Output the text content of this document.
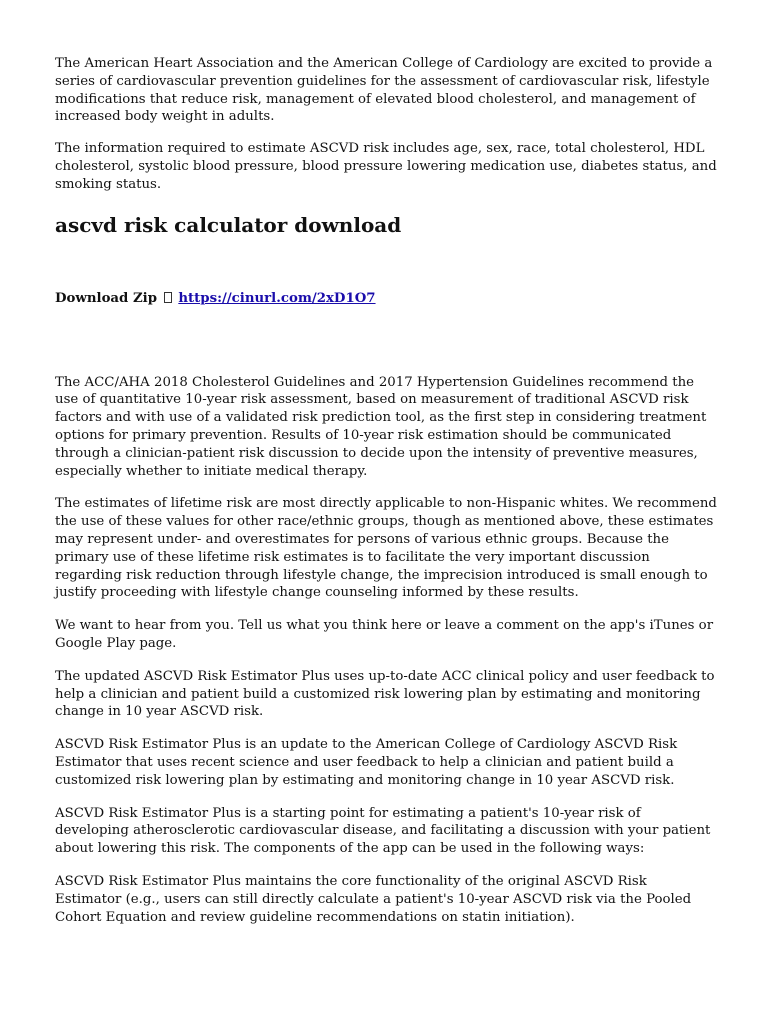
The American Heart Association and the American College of Cardiology are excited to provide a series of cardiovascular prevention guidelines for the assessment of cardiovascular risk, lifestyle modifications that reduce risk, management of elevated blood cholesterol, and management of increased body weight in adults.

The information required to estimate ASCVD risk includes age, sex, race, total cholesterol, HDL cholesterol, systolic blood pressure, blood pressure lowering medication use, diabetes status, and smoking status.

ascvd risk calculator download
Download Zip https://cinurl.com/2xD1O7

The ACC/AHA 2018 Cholesterol Guidelines and 2017 Hypertension Guidelines recommend the use of quantitative 10-year risk assessment, based on measurement of traditional ASCVD risk factors and with use of a validated risk prediction tool, as the first step in considering treatment options for primary prevention. Results of 10-year risk estimation should be communicated through a clinician-patient risk discussion to decide upon the intensity of preventive measures, especially whether to initiate medical therapy.

The estimates of lifetime risk are most directly applicable to non-Hispanic whites. We recommend the use of these values for other race/ethnic groups, though as mentioned above, these estimates may represent under- and overestimates for persons of various ethnic groups. Because the primary use of these lifetime risk estimates is to facilitate the very important discussion regarding risk reduction through lifestyle change, the imprecision introduced is small enough to justify proceeding with lifestyle change counseling informed by these results.

We want to hear from you. Tell us what you think here or leave a comment on the app's iTunes or Google Play page.

The updated ASCVD Risk Estimator Plus uses up-to-date ACC clinical policy and user feedback to help a clinician and patient build a customized risk lowering plan by estimating and monitoring change in 10 year ASCVD risk.

ASCVD Risk Estimator Plus is an update to the American College of Cardiology ASCVD Risk Estimator that uses recent science and user feedback to help a clinician and patient build a customized risk lowering plan by estimating and monitoring change in 10 year ASCVD risk.

ASCVD Risk Estimator Plus is a starting point for estimating a patient's 10-year risk of developing atherosclerotic cardiovascular disease, and facilitating a discussion with your patient about lowering this risk. The components of the app can be used in the following ways:

ASCVD Risk Estimator Plus maintains the core functionality of the original ASCVD Risk Estimator (e.g., users can still directly calculate a patient's 10-year ASCVD risk via the Pooled Cohort Equation and review guideline recommendations on statin initiation).
